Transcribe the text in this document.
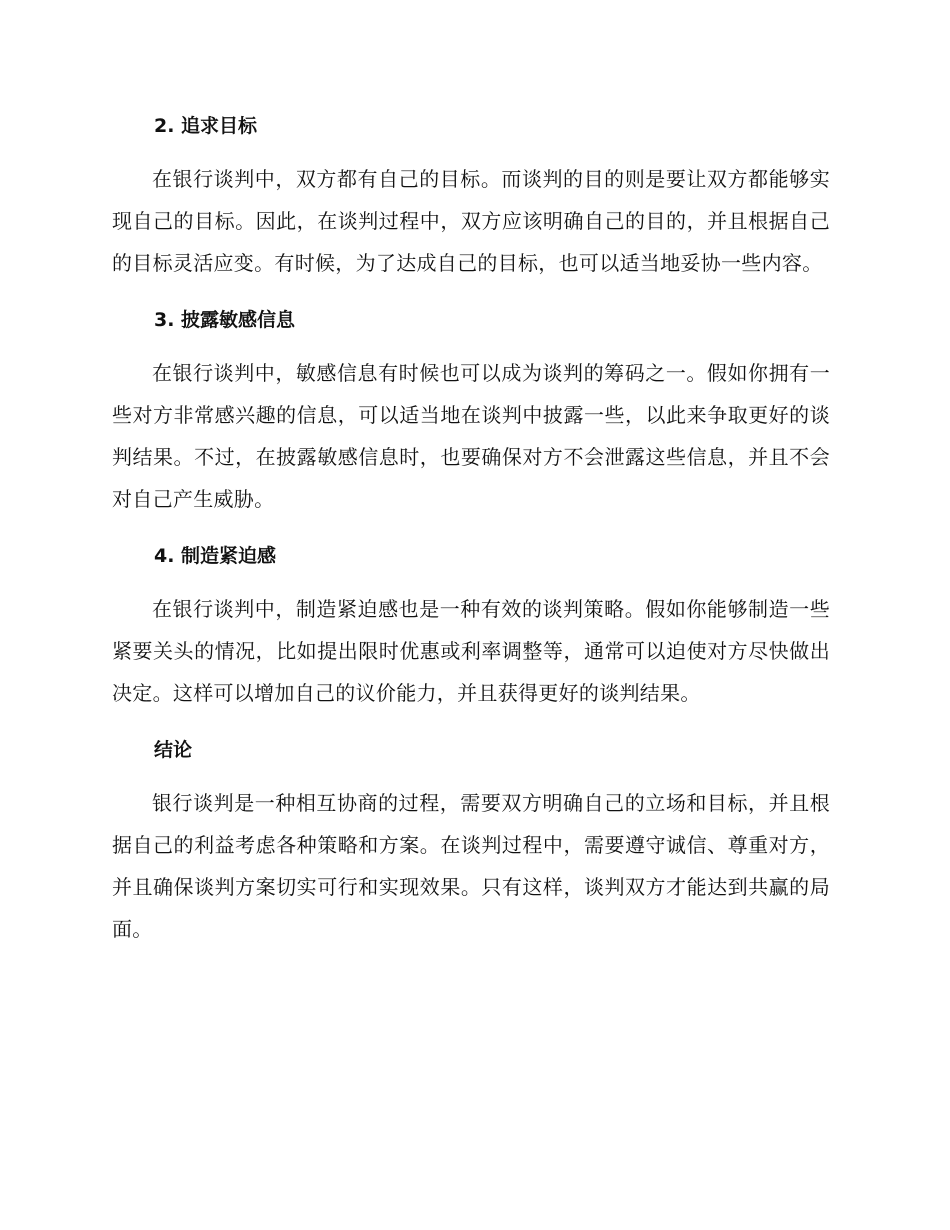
2. 追求目标

在银行谈判中，双方都有自己的目标。而谈判的目的则是要让双方都能够实现自己的目标。因此，在谈判过程中，双方应该明确自己的目的，并且根据自己的目标灵活应变。有时候，为了达成自己的目标，也可以适当地妥协一些内容。

3. 披露敏感信息

在银行谈判中，敏感信息有时候也可以成为谈判的筹码之一。假如你拥有一些对方非常感兴趣的信息，可以适当地在谈判中披露一些，以此来争取更好的谈判结果。不过，在披露敏感信息时，也要确保对方不会泄露这些信息，并且不会对自己产生威胁。

4. 制造紧迫感

在银行谈判中，制造紧迫感也是一种有效的谈判策略。假如你能够制造一些紧要关头的情况，比如提出限时优惠或利率调整等，通常可以迫使对方尽快做出决定。这样可以增加自己的议价能力，并且获得更好的谈判结果。

结论

银行谈判是一种相互协商的过程，需要双方明确自己的立场和目标，并且根据自己的利益考虑各种策略和方案。在谈判过程中，需要遵守诚信、尊重对方，并且确保谈判方案切实可行和实现效果。只有这样，谈判双方才能达到共赢的局面。
